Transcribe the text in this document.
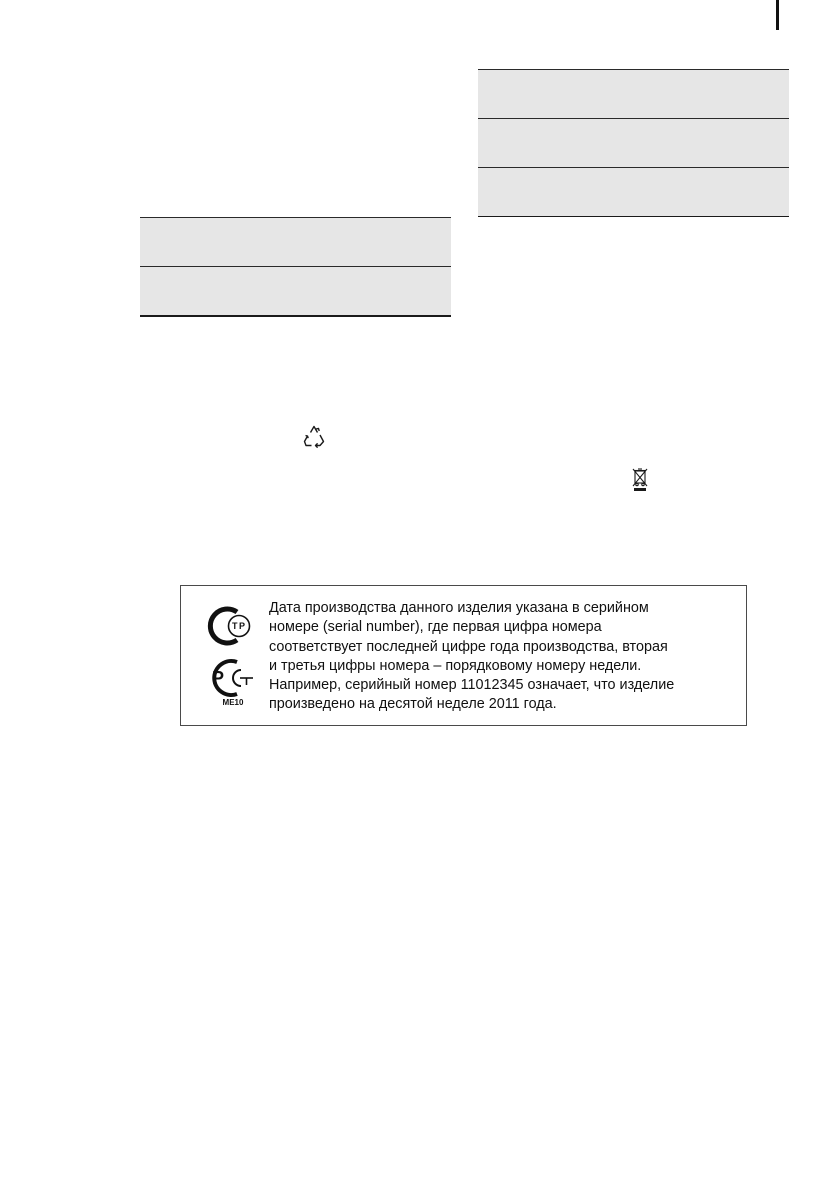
T P
P
ME10
Дата производства данного изделия указана в серийном
номере (serial number), где первая цифра номера
соответствует последней цифре года производства, вторая
и третья цифры номера – порядковому номеру недели.
Например, серийный номер 11012345 означает, что изделие
произведено на десятой неделе 2011 года.
